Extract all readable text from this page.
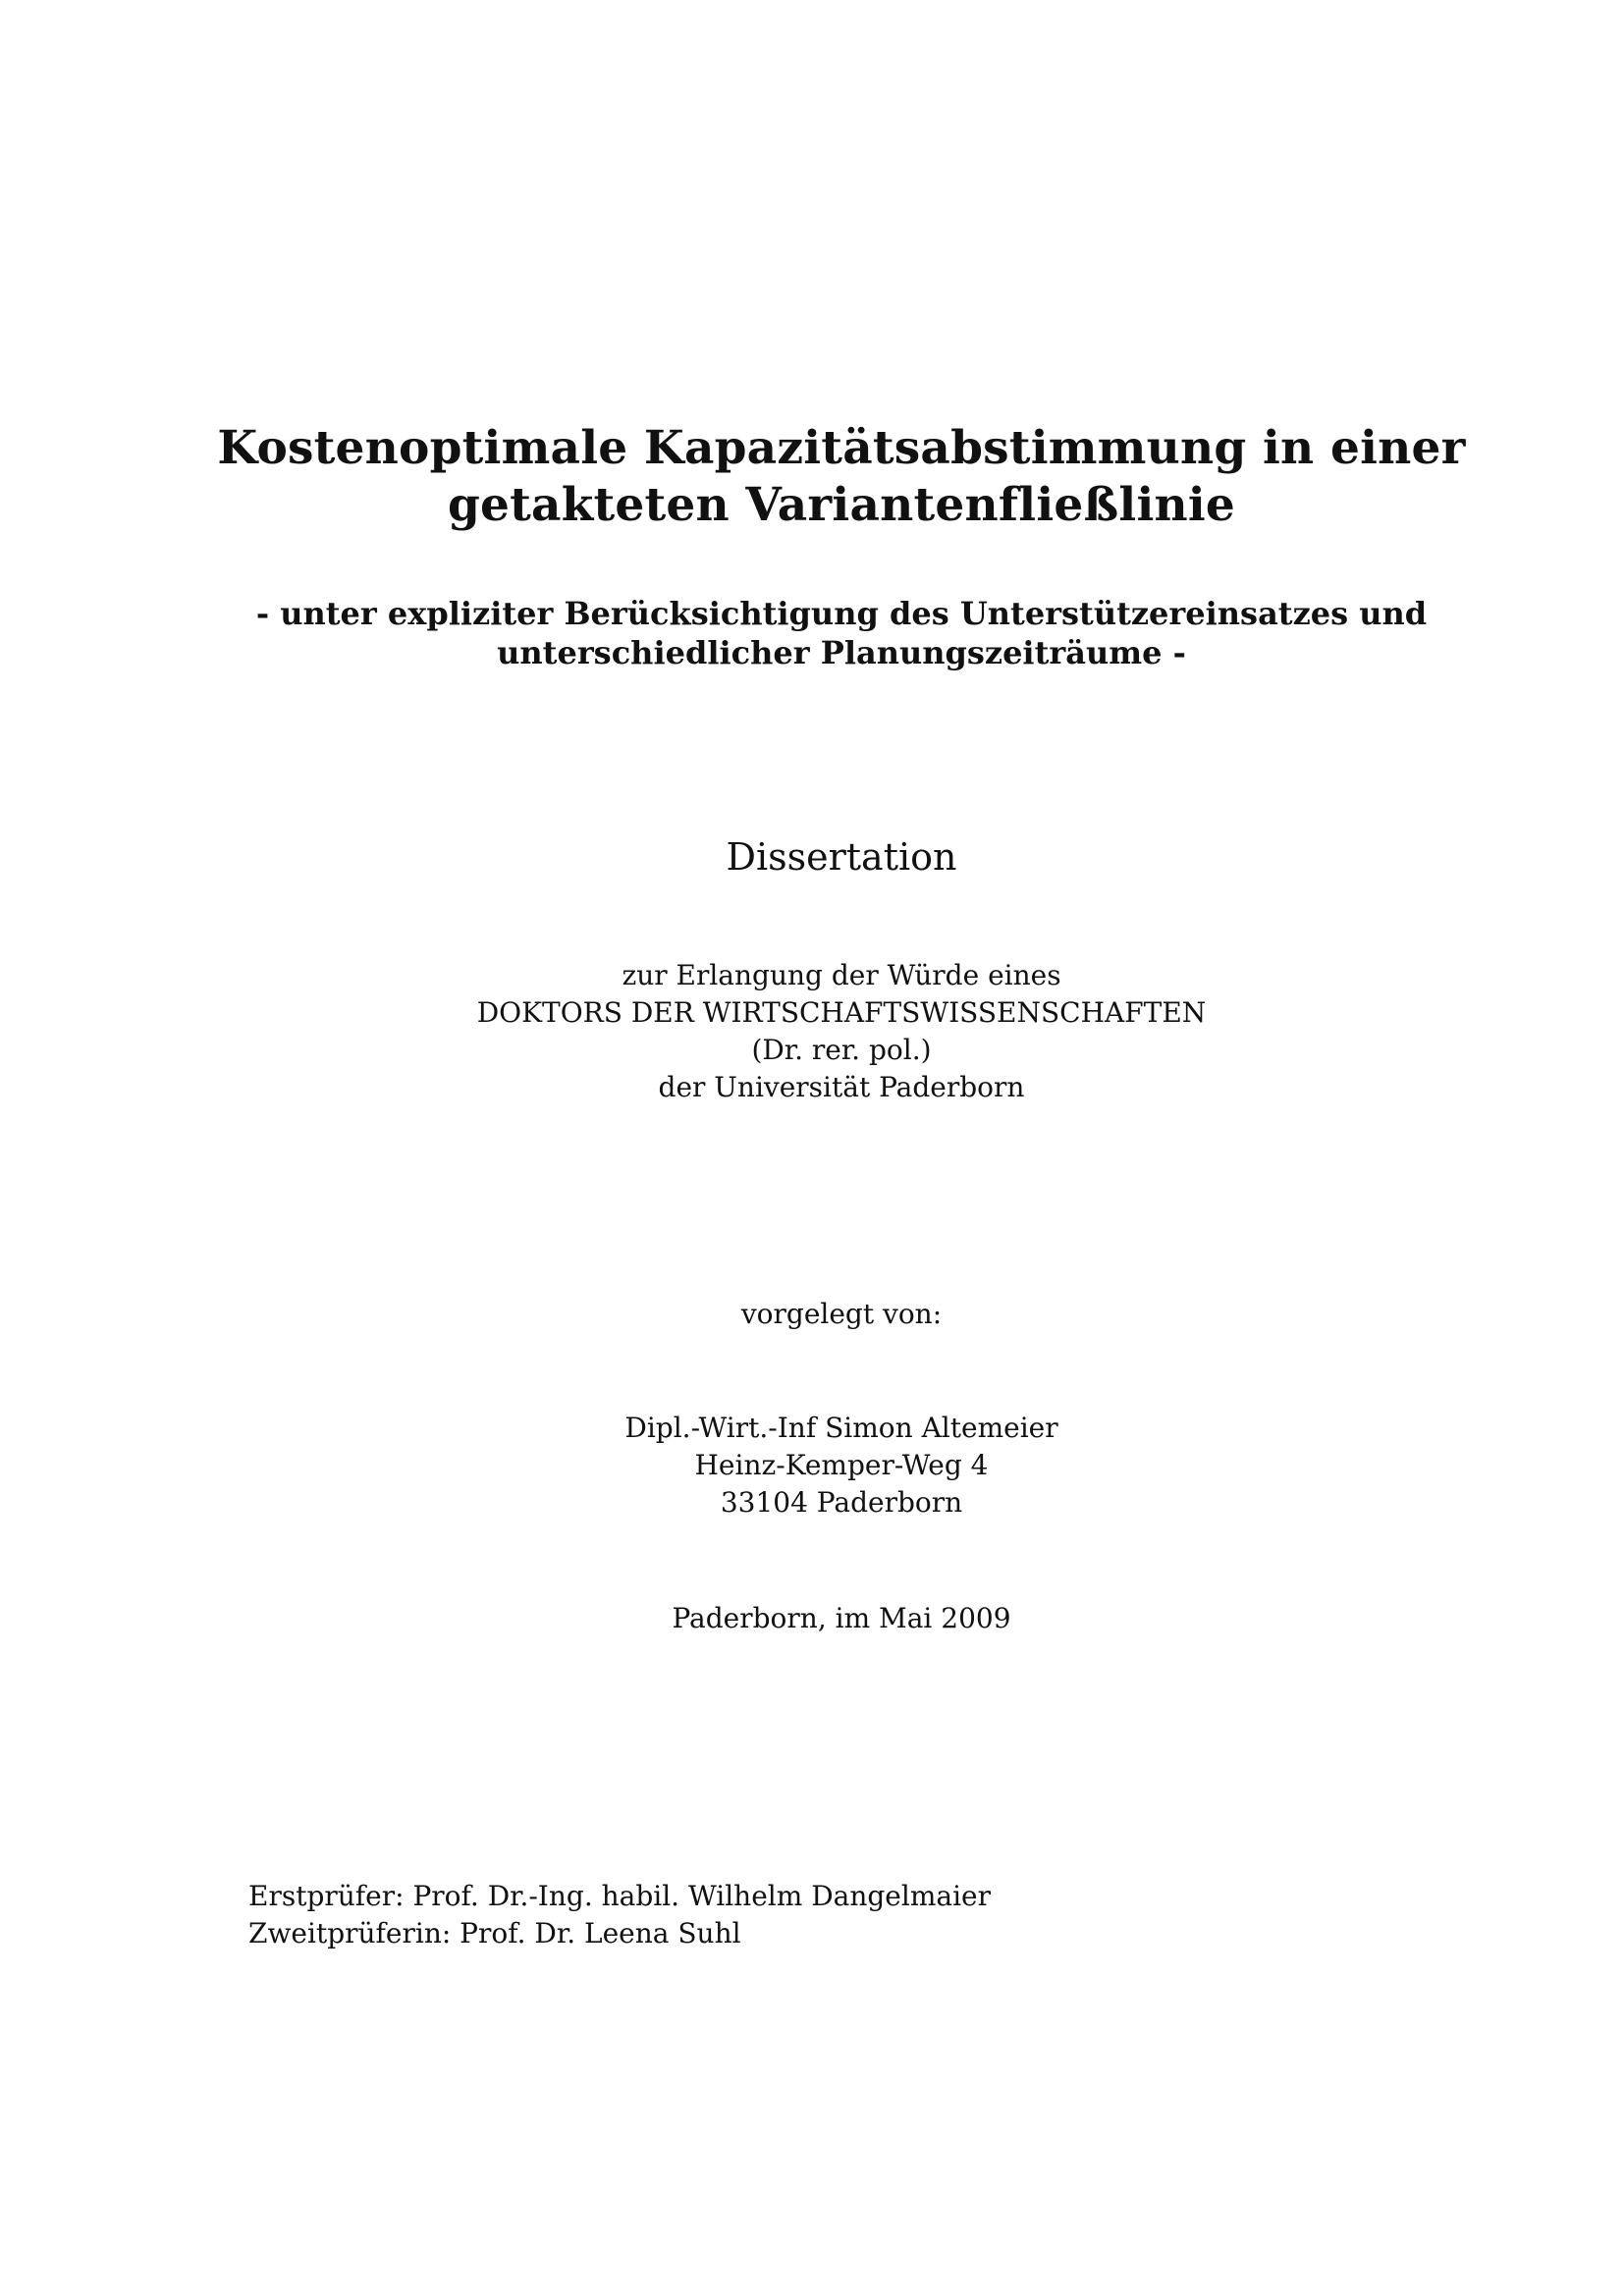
Kostenoptimale Kapazitätsabstimmung in einer
getakteten Variantenfließlinie
- unter expliziter Berücksichtigung des Unterstützereinsatzes und
unterschiedlicher Planungszeiträume -
Dissertation
zur Erlangung der Würde eines
DOKTORS DER WIRTSCHAFTSWISSENSCHAFTEN
(Dr. rer. pol.)
der Universität Paderborn
vorgelegt von:
Dipl.-Wirt.-Inf Simon Altemeier
Heinz-Kemper-Weg 4
33104 Paderborn
Paderborn, im Mai 2009
Erstprüfer: Prof. Dr.-Ing. habil. Wilhelm Dangelmaier
Zweitprüferin: Prof. Dr. Leena Suhl
